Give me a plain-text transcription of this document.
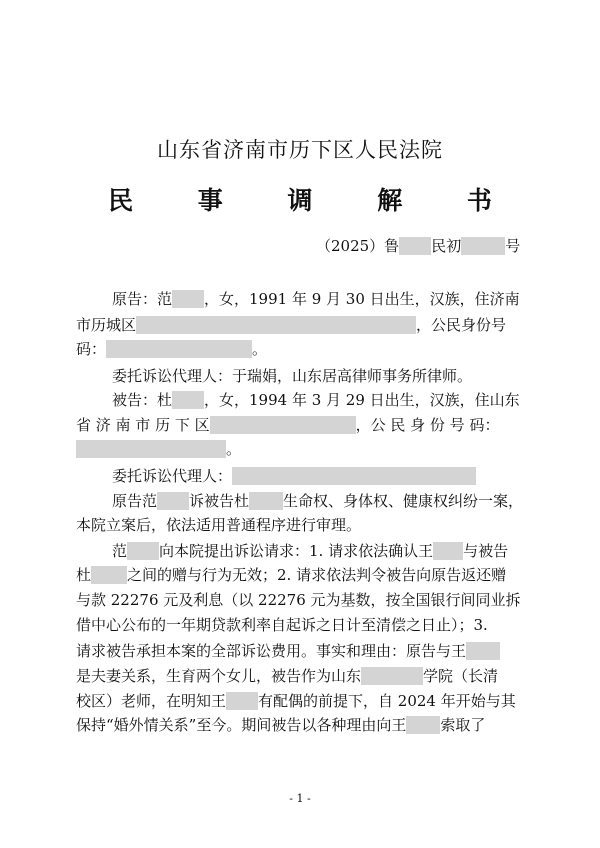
山东省济南市历下区人民法院
民 事 调 解 书
（2025）鲁 民初	号
原告：范 ，女，1991 年 9 月 30 日出生，汉族，住济南
市历城区	，公民身份号
码：	。
委托诉讼代理人：于瑞娟，山东居高律师事务所律师。
被告：杜 ，女，1994 年 3 月 29 日出生，汉族，住山东
省 济 南 市 历 下 区	，公 民 身 份 号 码：
。
委托诉讼代理人：
原告范 诉被告杜 生命权、身体权、健康权纠纷一案，
本院立案后，依法适用普通程序进行审理。
范 向本院提出诉讼请求：1. 请求依法确认王 与被告
杜 之间的赠与行为无效；2. 请求依法判令被告向原告返还赠
与款 22276 元及利息（以 22276 元为基数，按全国银行间同业拆
借中心公布的一年期贷款利率自起诉之日计至清偿之日止）；3.
请求被告承担本案的全部诉讼费用。事实和理由：原告与王
是夫妻关系，生育两个女儿，被告作为山东	学院（长清
校区）老师，在明知王 有配偶的前提下，自 2024 年开始与其
保持“婚外情关系”至今。期间被告以各种理由向王 索取了
- 1 -
